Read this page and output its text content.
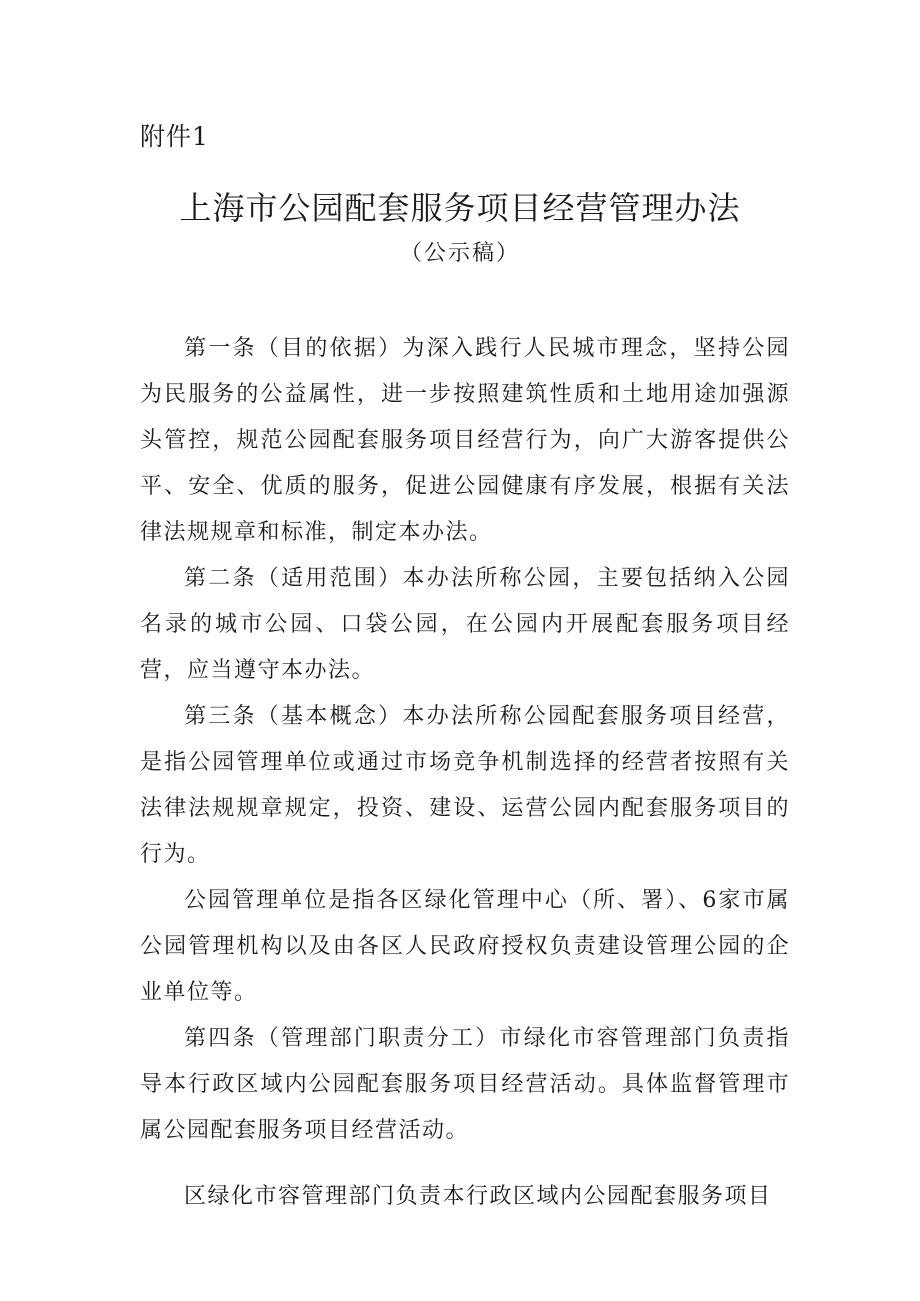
附件1
上海市公园配套服务项目经营管理办法
（公示稿）

第一条（目的依据）为深入践行人民城市理念，坚持公园为民服务的公益属性，进一步按照建筑性质和土地用途加强源头管控，规范公园配套服务项目经营行为，向广大游客提供公平、安全、优质的服务，促进公园健康有序发展，根据有关法律法规规章和标准，制定本办法。

第二条（适用范围）本办法所称公园，主要包括纳入公园名录的城市公园、口袋公园，在公园内开展配套服务项目经营，应当遵守本办法。

第三条（基本概念）本办法所称公园配套服务项目经营，是指公园管理单位或通过市场竞争机制选择的经营者按照有关法律法规规章规定，投资、建设、运营公园内配套服务项目的行为。

公园管理单位是指各区绿化管理中心（所、署）、6家市属公园管理机构以及由各区人民政府授权负责建设管理公园的企业单位等。

第四条（管理部门职责分工）市绿化市容管理部门负责指导本行政区域内公园配套服务项目经营活动。具体监督管理市属公园配套服务项目经营活动。

区绿化市容管理部门负责本行政区域内公园配套服务项目
